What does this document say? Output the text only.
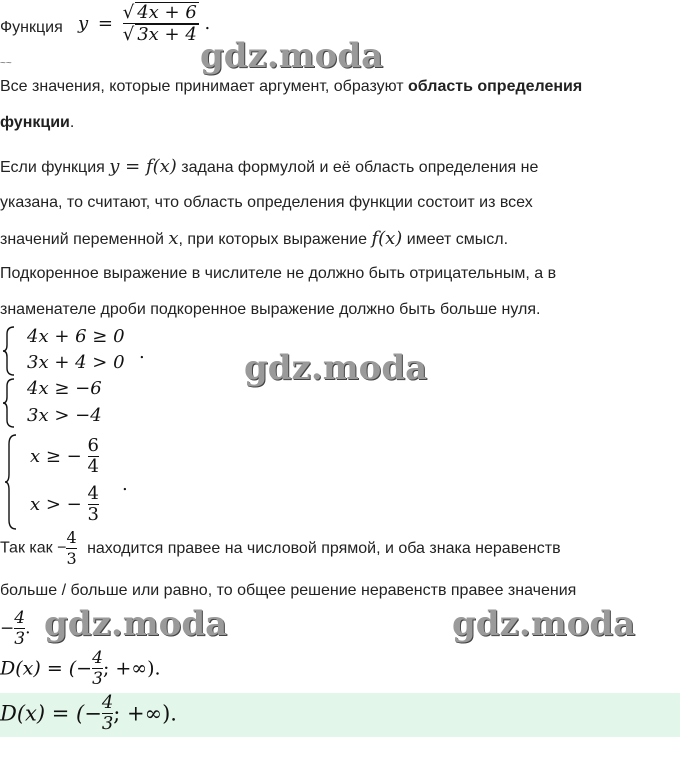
Функция $y = \frac{√ 4x + 6}{√ 3x + 4}$ .
~~
Все значения, которые принимает аргумент, образуют область определения
функции.
Если функция y = f(x) задана формулой и её область определения не
указана, то считают, что область определения функции состоит из всех
значений переменной x, при которых выражение f(x) имеет смысл.
Подкоренное выражение в числителе не должно быть отрицательным, а в
знаменателе дроби подкоренное выражение должно быть больше нуля.
4x + 6 ≥ 0
3x + 4 > 0 .
4x ≥ −6
3x > −4
x ≥ − $\frac{6}{4}$
x > − $\frac{4}{3}$ .
Так как − $\frac{4}{3}$ находится правее на числовой прямой, и оба знака неравенств
больше / больше или равно, то общее решение неравенств правее значения
− $\frac{4}{3}$ .
D(x) = (− $\frac{4}{3}$ ; +∞).
D(x) = (− $\frac{4}{3}$ ; +∞).
gdz.moda
gdz.moda
gdz.moda	gdz.moda
